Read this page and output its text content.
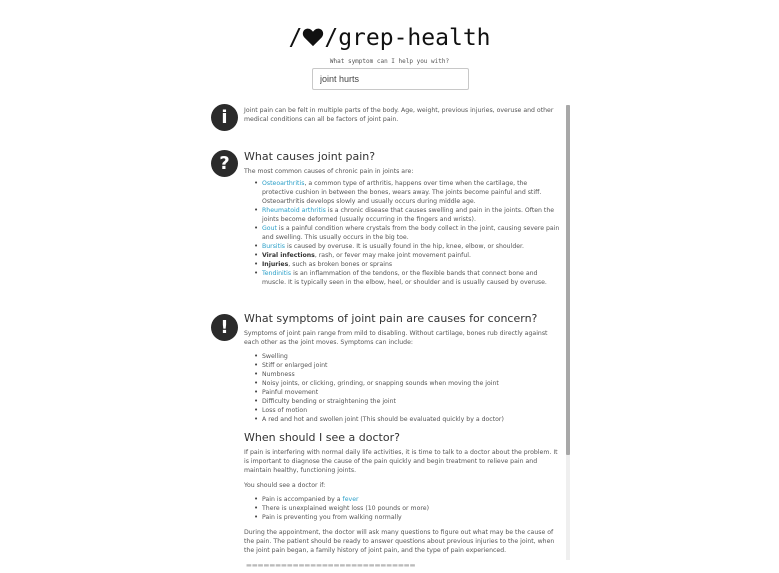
/ /grep-health
What symptom can I help you with?
joint hurts
i	Joint pain can be felt in multiple parts of the body. Age, weight, previous injuries, overuse and other medical conditions can all be factors of joint pain.

?	What causes joint pain?

The most common causes of chronic pain in joints are:

• Osteoarthritis, a common type of arthritis, happens over time when the cartilage, the protective cushion in between the bones, wears away. The joints become painful and stiff. Osteoarthritis develops slowly and usually occurs during middle age.
• Rheumatoid arthritis is a chronic disease that causes swelling and pain in the joints. Often the joints become deformed (usually occurring in the fingers and wrists).
• Gout is a painful condition where crystals from the body collect in the joint, causing severe pain and swelling. This usually occurs in the big toe.
• Bursitis is caused by overuse. It is usually found in the hip, knee, elbow, or shoulder.
• Viral infections, rash, or fever may make joint movement painful.
• Injuries, such as broken bones or sprains
• Tendinitis is an inflammation of the tendons, or the flexible bands that connect bone and muscle. It is typically seen in the elbow, heel, or shoulder and is usually caused by overuse.
!	What symptoms of joint pain are causes for concern?

Symptoms of joint pain range from mild to disabling. Without cartilage, bones rub directly against each other as the joint moves. Symptoms can include:

• Swelling
• Stiff or enlarged joint
• Numbness
• Noisy joints, or clicking, grinding, or snapping sounds when moving the joint
• Painful movement
• Difficulty bending or straightening the joint
• Loss of motion
• A red and hot and swollen joint (This should be evaluated quickly by a doctor)
When should I see a doctor?

If pain is interfering with normal daily life activities, it is time to talk to a doctor about the problem. It is important to diagnose the cause of the pain quickly and begin treatment to relieve pain and maintain healthy, functioning joints.

You should see a doctor if:

• Pain is accompanied by a fever
• There is unexplained weight loss (10 pounds or more)
• Pain is preventing you from walking normally

During the appointment, the doctor will ask many questions to figure out what may be the cause of the pain. The patient should be ready to answer questions about previous injuries to the joint, when the joint pain began, a family history of joint pain, and the type of pain experienced.

▬▬▬▬▬▬▬▬▬▬▬▬▬▬▬▬▬▬▬▬▬▬▬▬▬▬▬▬▬
